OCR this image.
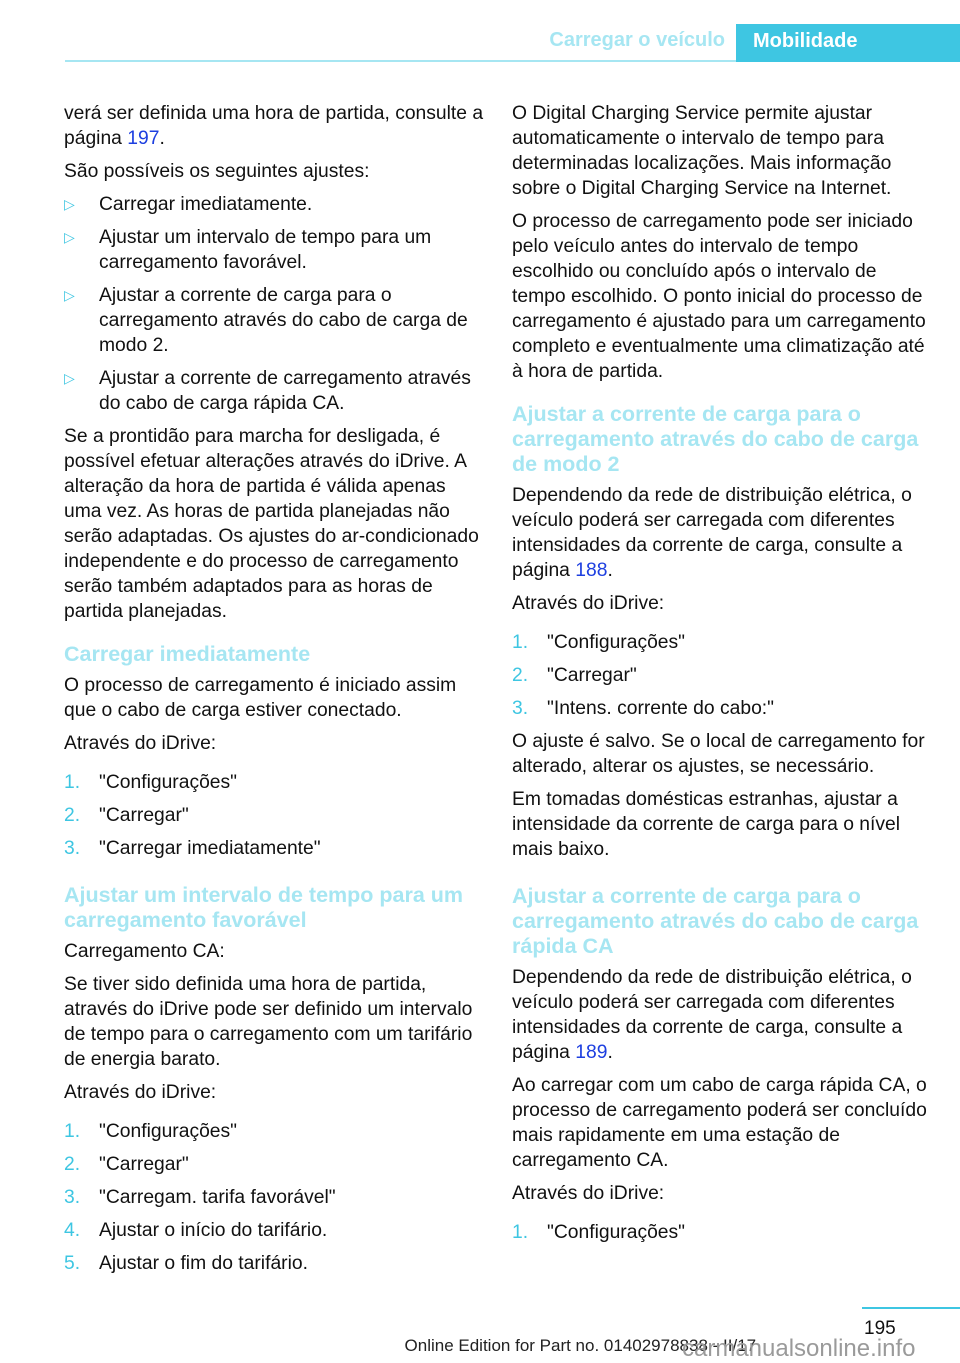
Carregar o veículo	Mobilidade

verá ser definida uma hora de partida, consulte a página 197.

São possíveis os seguintes ajustes:

▷ Carregar imediatamente.
▷ Ajustar um intervalo de tempo para um carregamento favorável.
▷ Ajustar a corrente de carga para o carregamento através do cabo de carga de modo 2.
▷ Ajustar a corrente de carregamento através do cabo de carga rápida CA.

Se a prontidão para marcha for desligada, é possível efetuar alterações através do iDrive. A alteração da hora de partida é válida apenas uma vez. As horas de partida planejadas não serão adaptadas. Os ajustes do ar-condicionado independente e do processo de carregamento serão também adaptados para as horas de partida planejadas.

Carregar imediatamente

O processo de carregamento é iniciado assim que o cabo de carga estiver conectado.

Através do iDrive:

1. "Configurações"
2. "Carregar"
3. "Carregar imediatamente"
Ajustar um intervalo de tempo para um carregamento favorável

Carregamento CA:

Se tiver sido definida uma hora de partida, através do iDrive pode ser definido um intervalo de tempo para o carregamento com um tarifário de energia barato.

Através do iDrive:

1. "Configurações"
2. "Carregar"
3. "Carregam. tarifa favorável"
4. Ajustar o início do tarifário.
5. Ajustar o fim do tarifário.

O Digital Charging Service permite ajustar automaticamente o intervalo de tempo para determinadas localizações. Mais informação sobre o Digital Charging Service na Internet.

O processo de carregamento pode ser iniciado pelo veículo antes do intervalo de tempo escolhido ou concluído após o intervalo de tempo escolhido. O ponto inicial do processo de carregamento é ajustado para um carregamento completo e eventualmente uma climatização até à hora de partida.

Ajustar a corrente de carga para o carregamento através do cabo de carga de modo 2

Dependendo da rede de distribuição elétrica, o veículo poderá ser carregada com diferentes intensidades da corrente de carga, consulte a página 188.

Através do iDrive:

1. "Configurações"
2. "Carregar"
3. "Intens. corrente do cabo:"

O ajuste é salvo. Se o local de carregamento for alterado, alterar os ajustes, se necessário.

Em tomadas domésticas estranhas, ajustar a intensidade da corrente de carga para o nível mais baixo.

Ajustar a corrente de carga para o carregamento através do cabo de carga rápida CA

Dependendo da rede de distribuição elétrica, o veículo poderá ser carregada com diferentes intensidades da corrente de carga, consulte a página 189.

Ao carregar com um cabo de carga rápida CA, o processo de carregamento poderá ser concluído mais rapidamente em uma estação de carregamento CA.

Através do iDrive:

1. "Configurações"
195
Online Edition for Part no. 01402978838 - II/17
carmanualsonline.info
